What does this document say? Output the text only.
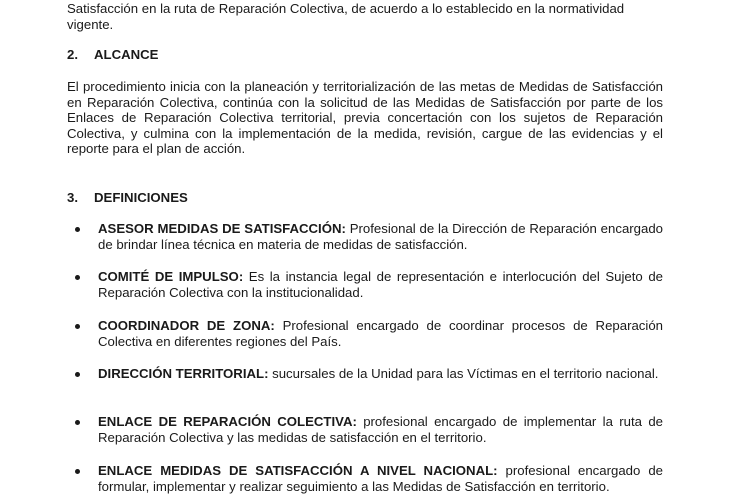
Satisfacción en la ruta de Reparación Colectiva, de acuerdo a lo establecido en la normatividad
vigente.

2. ALCANCE

El procedimiento inicia con la planeación y territorialización de las metas de Medidas de Satisfacción en Reparación Colectiva, continúa con la solicitud de las Medidas de Satisfacción por parte de los Enlaces de Reparación Colectiva territorial, previa concertación con los sujetos de Reparación Colectiva, y culmina con la implementación de la medida, revisión, cargue de las evidencias y el reporte para el plan de acción.

3. DEFINICIONES

ASESOR MEDIDAS DE SATISFACCIÓN: Profesional de la Dirección de Reparación encargado de brindar línea técnica en materia de medidas de satisfacción.

COMITÉ DE IMPULSO: Es la instancia legal de representación e interlocución del Sujeto de Reparación Colectiva con la institucionalidad.

COORDINADOR DE ZONA: Profesional encargado de coordinar procesos de Reparación Colectiva en diferentes regiones del País.

DIRECCIÓN TERRITORIAL: sucursales de la Unidad para las Víctimas en el territorio nacional.

ENLACE DE REPARACIÓN COLECTIVA: profesional encargado de implementar la ruta de Reparación Colectiva y las medidas de satisfacción en el territorio.

ENLACE MEDIDAS DE SATISFACCIÓN A NIVEL NACIONAL: profesional encargado de formular, implementar y realizar seguimiento a las Medidas de Satisfacción en territorio.
